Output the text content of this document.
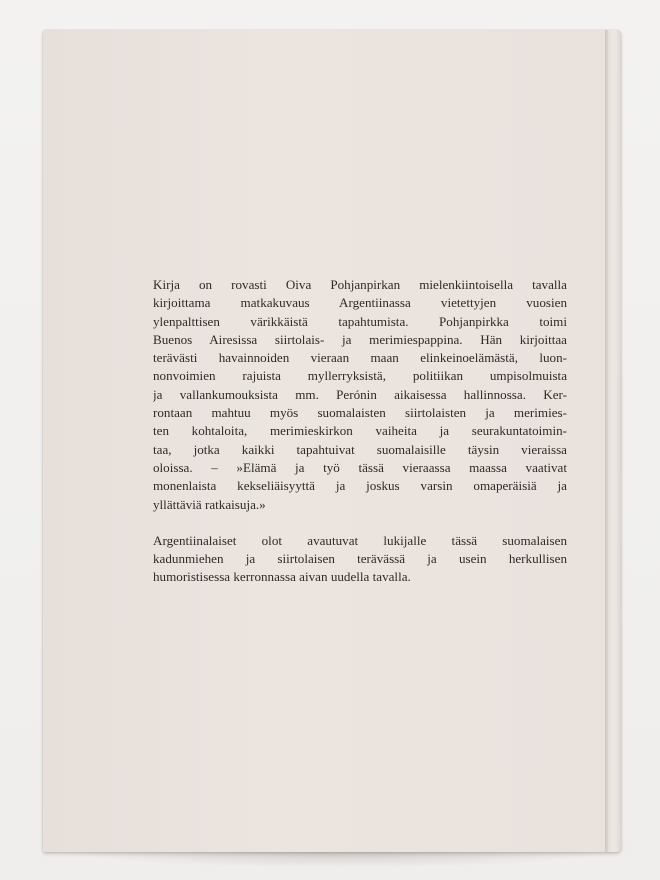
Kirja on rovasti Oiva Pohjanpirkan mielenkiintoisella tavalla
kirjoittama matkakuvaus Argentiinassa vietettyjen vuosien
ylenpalttisen värikkäistä tapahtumista. Pohjanpirkka toimi
Buenos Airesissa siirtolais- ja merimiespappina. Hän kirjoittaa
terävästi havainnoiden vieraan maan elinkeinoelämästä, luon-
nonvoimien rajuista myllerryksistä, politiikan umpisolmuista
ja vallankumouksista mm. Perónin aikaisessa hallinnossa. Ker-
rontaan mahtuu myös suomalaisten siirtolaisten ja merimies-
ten kohtaloita, merimieskirkon vaiheita ja seurakuntatoimin-
taa, jotka kaikki tapahtuivat suomalaisille täysin vieraissa
oloissa. – »Elämä ja työ tässä vieraassa maassa vaativat
monenlaista kekseliäisyyttä ja joskus varsin omaperäisiä ja
yllättäviä ratkaisuja.»

Argentiinalaiset olot avautuvat lukijalle tässä suomalaisen
kadunmiehen ja siirtolaisen terävässä ja usein herkullisen
humoristisessa kerronnassa aivan uudella tavalla.
